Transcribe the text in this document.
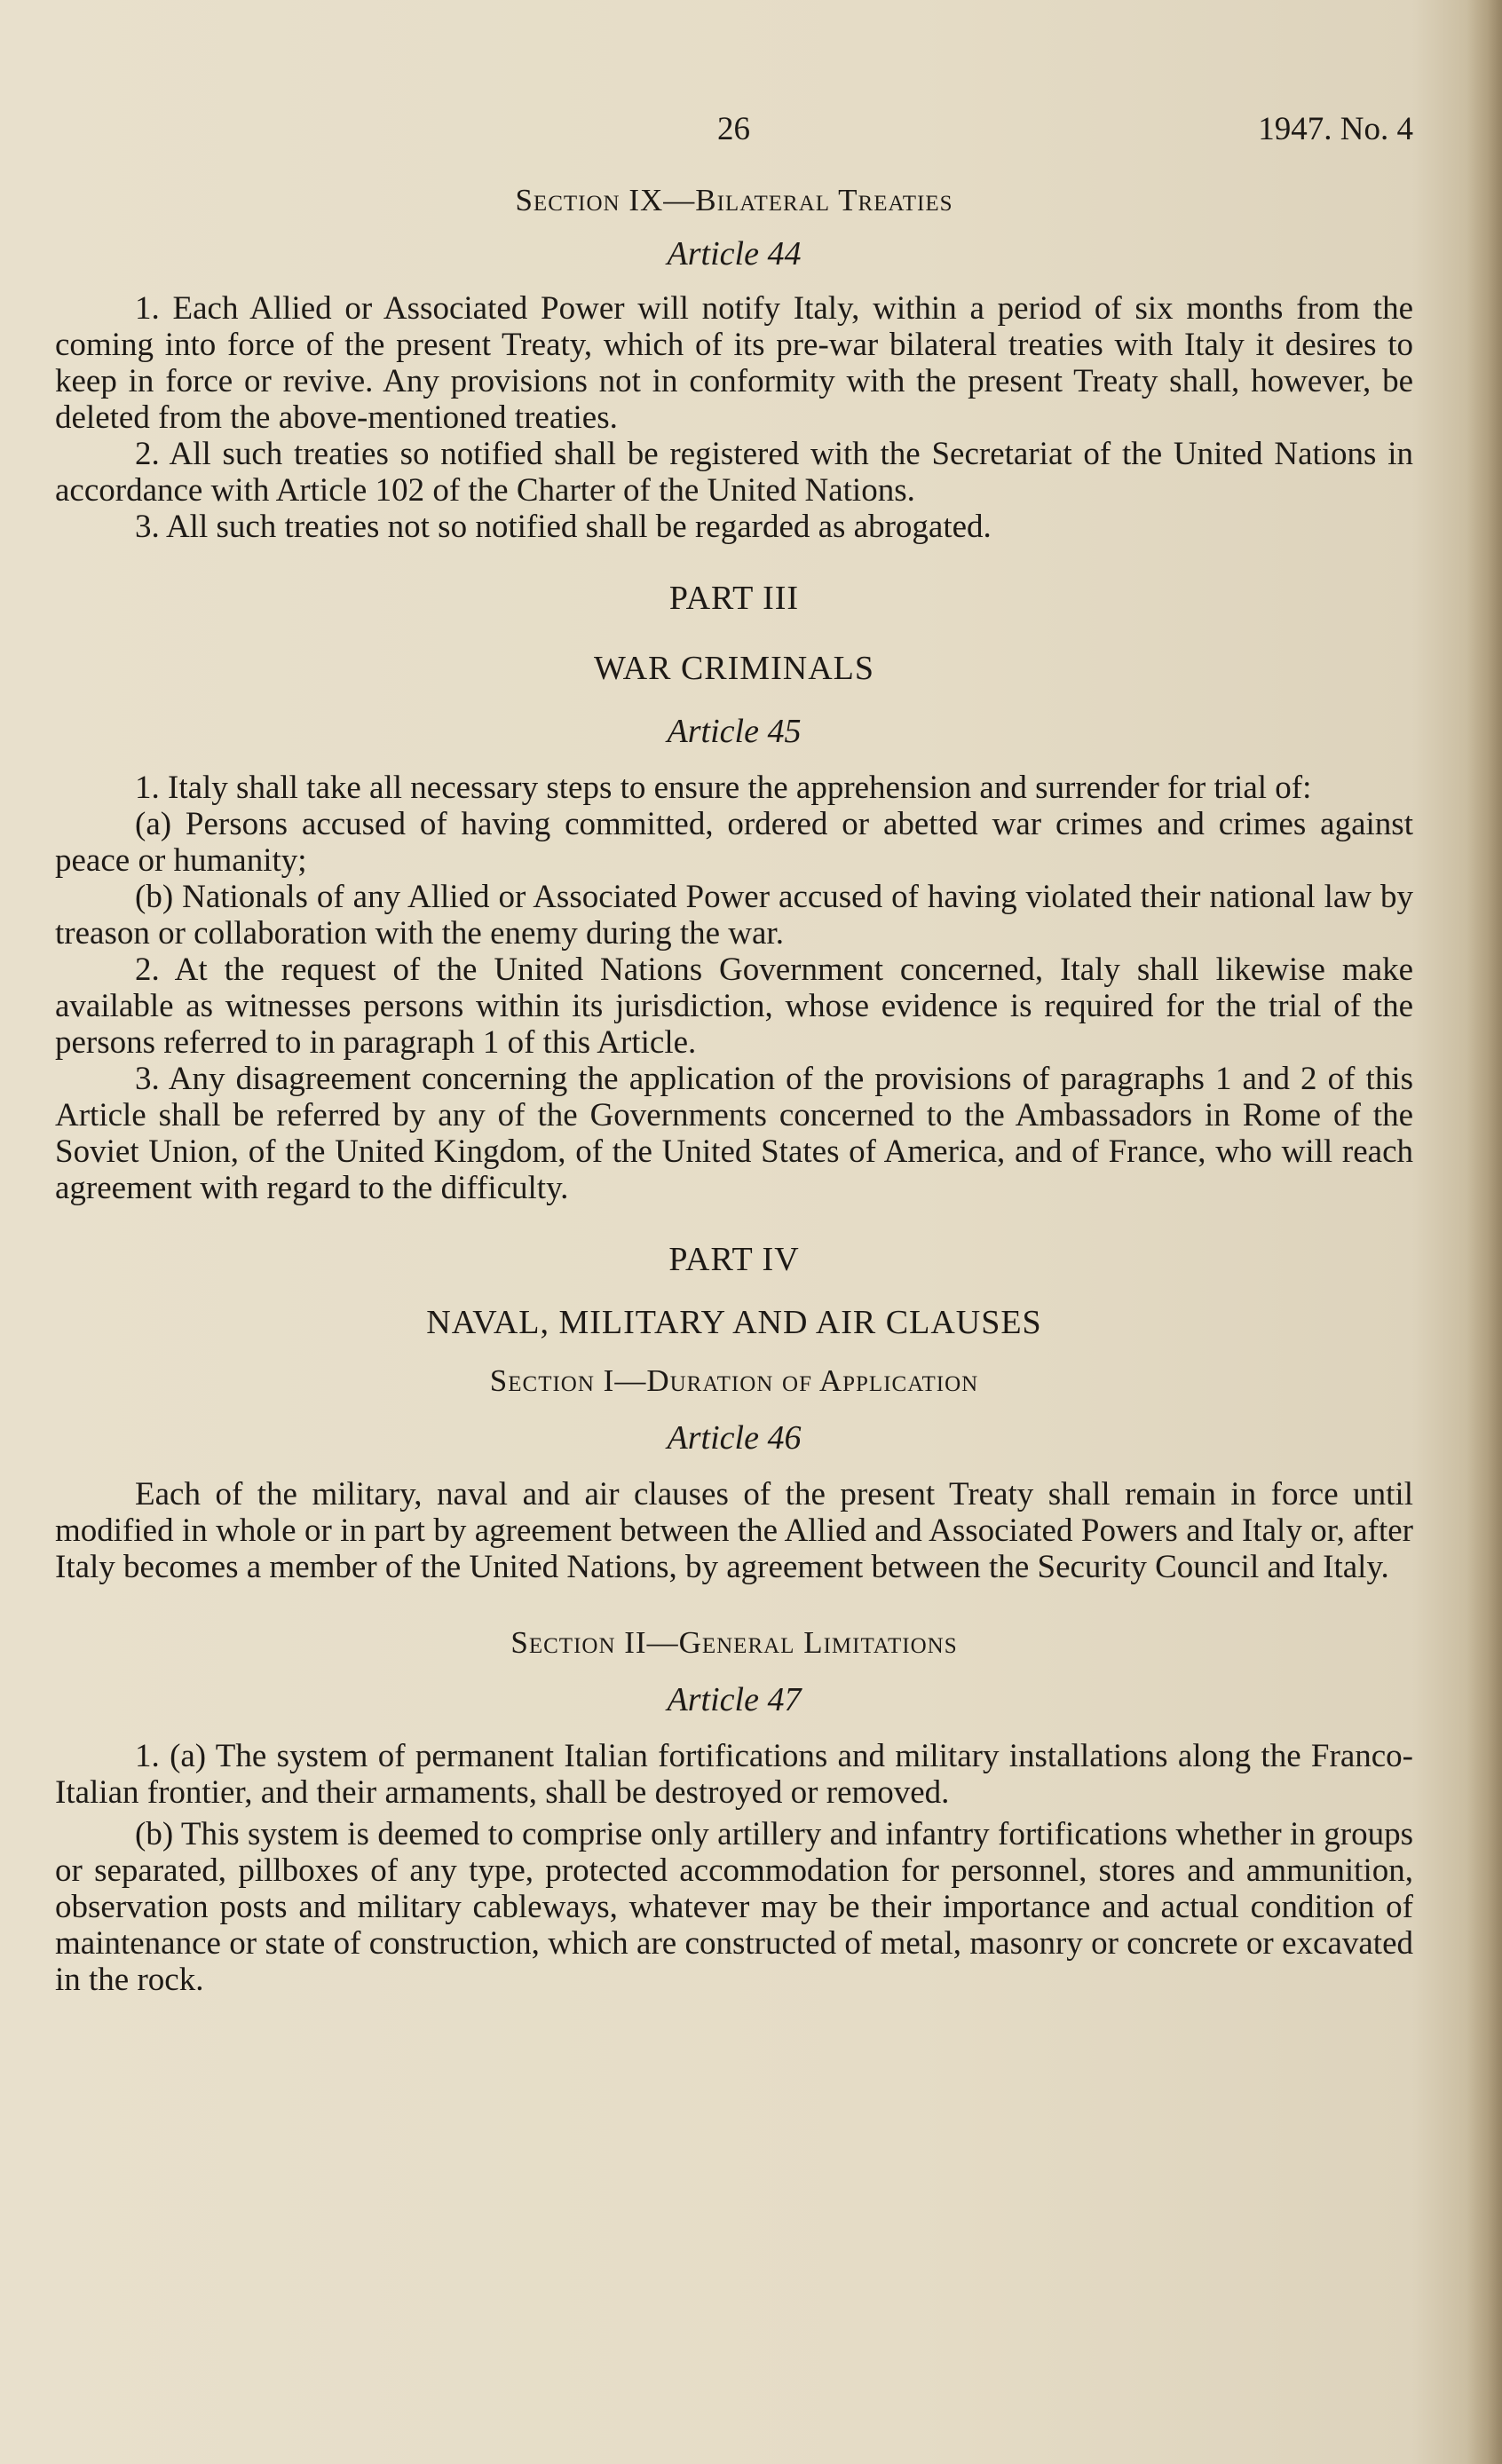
26	1947. No. 4
Section IX—Bilateral Treaties
Article 44

1. Each Allied or Associated Power will notify Italy, within a period of six months from the coming into force of the present Treaty, which of its pre-war bilateral treaties with Italy it desires to keep in force or revive. Any provisions not in conformity with the present Treaty shall, however, be deleted from the above-mentioned treaties.

2. All such treaties so notified shall be registered with the Secretariat of the United Nations in accordance with Article 102 of the Charter of the United Nations.

3. All such treaties not so notified shall be regarded as abrogated.

PART III
WAR CRIMINALS
Article 45

1. Italy shall take all necessary steps to ensure the apprehension and surrender for trial of:

(a) Persons accused of having committed, ordered or abetted war crimes and crimes against peace or humanity;

(b) Nationals of any Allied or Associated Power accused of having violated their national law by treason or collaboration with the enemy during the war.

2. At the request of the United Nations Government concerned, Italy shall likewise make available as witnesses persons within its jurisdiction, whose evidence is required for the trial of the persons referred to in paragraph 1 of this Article.

3. Any disagreement concerning the application of the provisions of paragraphs 1 and 2 of this Article shall be referred by any of the Governments concerned to the Ambassadors in Rome of the Soviet Union, of the United Kingdom, of the United States of America, and of France, who will reach agreement with regard to the difficulty.

PART IV
NAVAL, MILITARY AND AIR CLAUSES
Section I—Duration of Application
Article 46

Each of the military, naval and air clauses of the present Treaty shall remain in force until modified in whole or in part by agreement between the Allied and Associated Powers and Italy or, after Italy becomes a member of the United Nations, by agreement between the Security Council and Italy.

Section II—General Limitations
Article 47

1. (a) The system of permanent Italian fortifications and military installations along the Franco-Italian frontier, and their armaments, shall be destroyed or removed.

(b) This system is deemed to comprise only artillery and infantry fortifications whether in groups or separated, pillboxes of any type, protected accommodation for personnel, stores and ammunition, observation posts and military cableways, whatever may be their importance and actual condition of maintenance or state of construction, which are constructed of metal, masonry or concrete or excavated in the rock.
